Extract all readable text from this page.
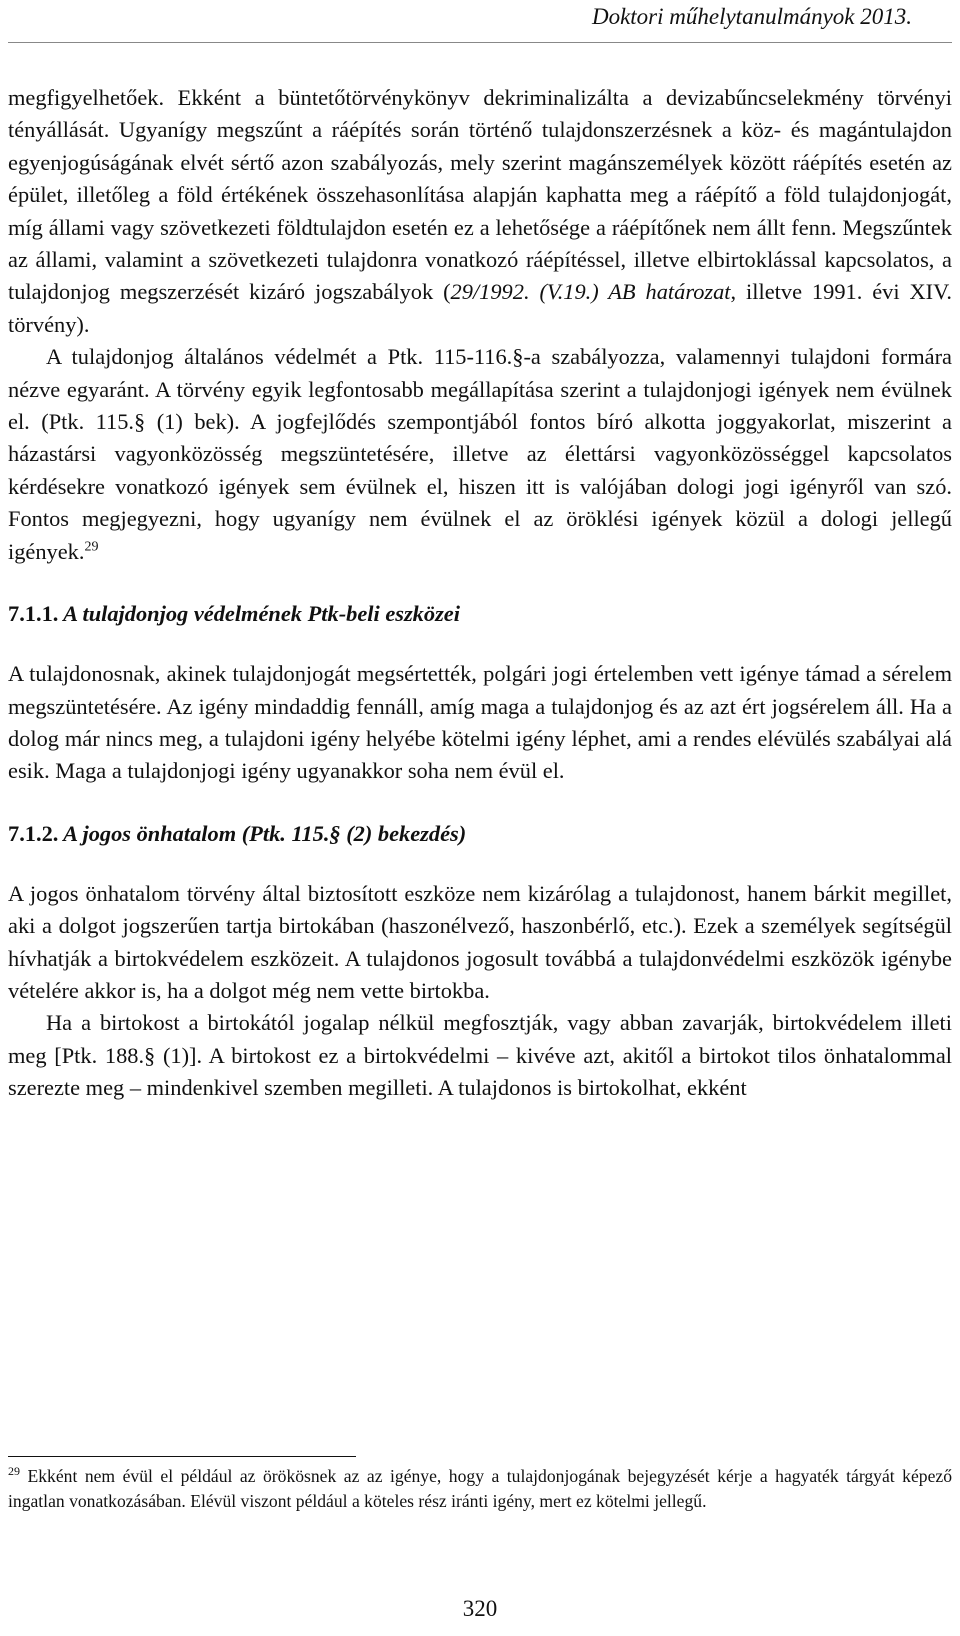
Doktori műhelytanulmányok 2013.

megfigyelhetőek. Ekként a büntetőtörvénykönyv dekriminalizálta a devizabűncselekmény törvényi tényállását. Ugyanígy megszűnt a ráépítés során történő tulajdonszerzésnek a köz- és magántulajdon egyenjogúságának elvét sértő azon szabályozás, mely szerint magánszemélyek között ráépítés esetén az épület, illetőleg a föld értékének összehasonlítása alapján kaphatta meg a ráépítő a föld tulajdonjogát, míg állami vagy szövetkezeti földtulajdon esetén ez a lehetősége a ráépítőnek nem állt fenn. Megszűntek az állami, valamint a szövetkezeti tulajdonra vonatkozó ráépítéssel, illetve elbirtoklással kapcsolatos, a tulajdonjog megszerzését kizáró jogszabályok (29/1992. (V.19.) AB határozat, illetve 1991. évi XIV. törvény).

A tulajdonjog általános védelmét a Ptk. 115-116.§-a szabályozza, valamennyi tulajdoni formára nézve egyaránt. A törvény egyik legfontosabb megállapítása szerint a tulajdonjogi igények nem évülnek el. (Ptk. 115.§ (1) bek). A jogfejlődés szempontjából fontos bíró alkotta joggyakorlat, miszerint a házastársi vagyonközösség megszüntetésére, illetve az élettársi vagyonközösséggel kapcsolatos kérdésekre vonatkozó igények sem évülnek el, hiszen itt is valójában dologi jogi igényről van szó. Fontos megjegyezni, hogy ugyanígy nem évülnek el az öröklési igények közül a dologi jellegű igények.$^{29}$

7.1.1. A tulajdonjog védelmének Ptk-beli eszközei

A tulajdonosnak, akinek tulajdonjogát megsértették, polgári jogi értelemben vett igénye támad a sérelem megszüntetésére. Az igény mindaddig fennáll, amíg maga a tulajdonjog és az azt ért jogsérelem áll. Ha a dolog már nincs meg, a tulajdoni igény helyébe kötelmi igény léphet, ami a rendes elévülés szabályai alá esik. Maga a tulajdonjogi igény ugyanakkor soha nem évül el.

7.1.2. A jogos önhatalom (Ptk. 115.§ (2) bekezdés)

A jogos önhatalom törvény által biztosított eszköze nem kizárólag a tulajdonost, hanem bárkit megillet, aki a dolgot jogszerűen tartja birtokában (haszonélvező, haszonbérlő, etc.). Ezek a személyek segítségül hívhatják a birtokvédelem eszközeit. A tulajdonos jogosult továbbá a tulajdonvédelmi eszközök igénybe vételére akkor is, ha a dolgot még nem vette birtokba.

Ha a birtokost a birtokától jogalap nélkül megfosztják, vagy abban zavarják, birtokvédelem illeti meg [Ptk. 188.§ (1)]. A birtokost ez a birtokvédelmi – kivéve azt, akitől a birtokot tilos önhatalommal szerezte meg – mindenkivel szemben megilleti. A tulajdonos is birtokolhat, ekként

$^{29}$ Ekként nem évül el például az örökösnek az az igénye, hogy a tulajdonjogának bejegyzését kérje a hagyaték tárgyát képező ingatlan vonatkozásában. Elévül viszont például a köteles rész iránti igény, mert ez kötelmi jellegű.
320
